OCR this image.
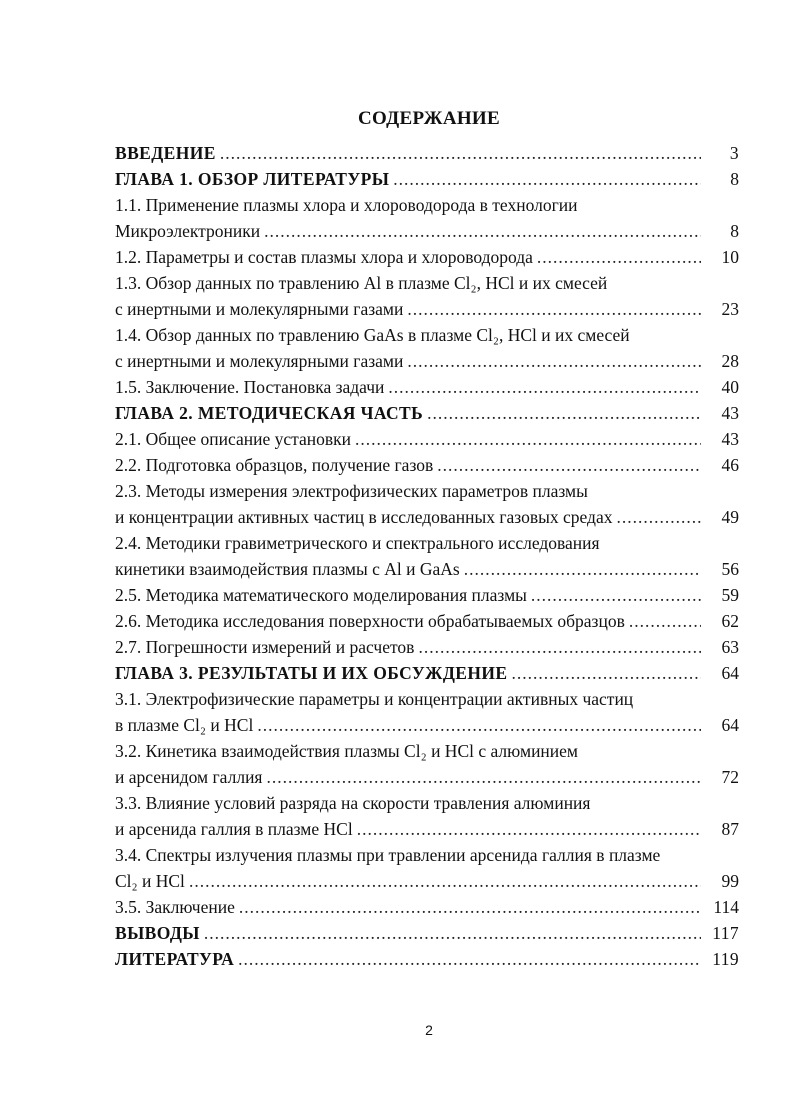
СОДЕРЖАНИЕ
ВВЕДЕНИЕ .....	3
ГЛАВА 1. ОБЗОР ЛИТЕРАТУРЫ .....	8
1.1. Применение плазмы хлора и хлороводорода в технологии
Микроэлектроники .....	8
1.2. Параметры и состав плазмы хлора и хлороводорода .....	10
1.3. Обзор данных по травлению Al в плазме Cl₂, HCl и их смесей
с инертными и молекулярными газами .....	23
1.4. Обзор данных по травлению GaAs в плазме Cl₂, HCl и их смесей
с инертными и молекулярными газами .....	28
1.5. Заключение. Постановка задачи .....	40
ГЛАВА 2. МЕТОДИЧЕСКАЯ ЧАСТЬ .....	43
2.1. Общее описание установки .....	43
2.2. Подготовка образцов, получение газов .....	46
2.3. Методы измерения электрофизических параметров плазмы
и концентрации активных частиц в исследованных газовых средах .....	49
2.4. Методики гравиметрического и спектрального исследования
кинетики взаимодействия плазмы с Al и GaAs .....	56
2.5. Методика математического моделирования плазмы .....	59
2.6. Методика исследования поверхности обрабатываемых образцов .....	62
2.7. Погрешности измерений и расчетов .....	63
ГЛАВА 3. РЕЗУЛЬТАТЫ И ИХ ОБСУЖДЕНИЕ .....	64
3.1. Электрофизические параметры и концентрации активных частиц
в плазме Cl₂ и HCl .....	64
3.2. Кинетика взаимодействия плазмы Cl₂ и HCl с алюминием
и арсенидом галлия .....	72
3.3. Влияние условий разряда на скорости травления алюминия
и арсенида галлия в плазме HCl .....	87
3.4. Спектры излучения плазмы при травлении арсенида галлия в плазме
Cl₂ и HCl .....	99
3.5. Заключение .....	114
ВЫВОДЫ .....	117
ЛИТЕРАТУРА .....	119
2
